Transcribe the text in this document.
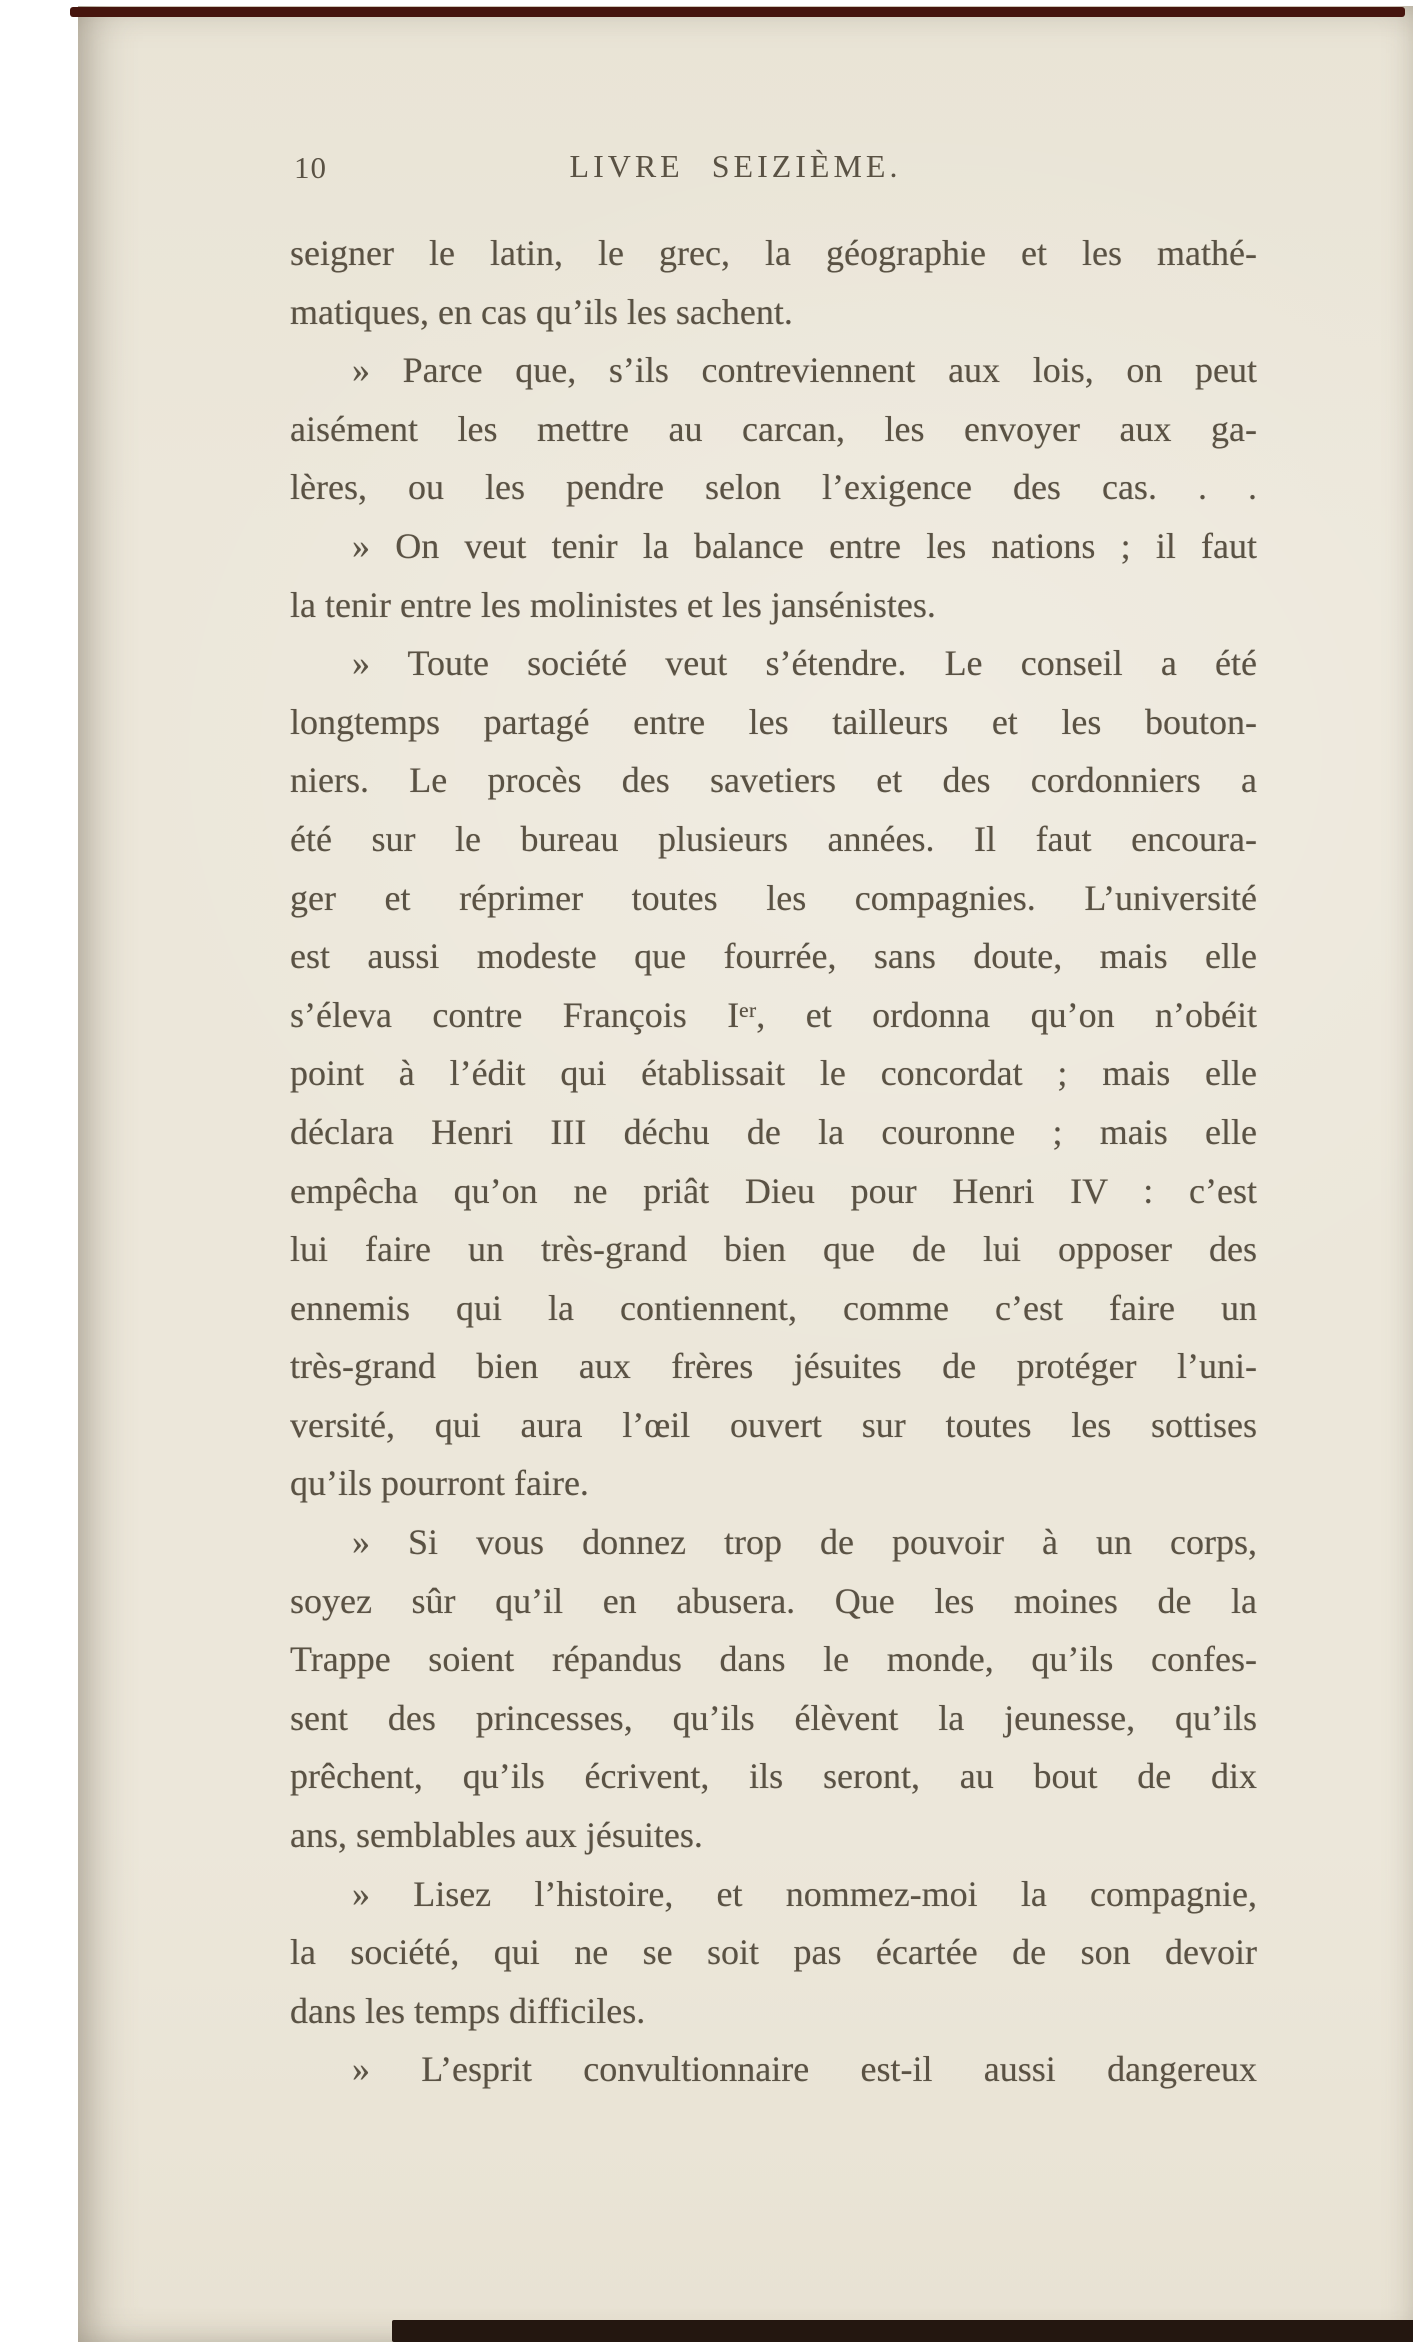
10	LIVRE SEIZIÈME.
seigner le latin, le grec, la géographie et les mathé-
matiques, en cas qu’ils les sachent.
» Parce que, s’ils contreviennent aux lois, on peut
aisément les mettre au carcan, les envoyer aux ga-
lères, ou les pendre selon l’exigence des cas. . .
» On veut tenir la balance entre les nations ; il faut
la tenir entre les molinistes et les jansénistes.
» Toute société veut s’étendre. Le conseil a été
longtemps partagé entre les tailleurs et les bouton-
niers. Le procès des savetiers et des cordonniers a
été sur le bureau plusieurs années. Il faut encoura-
ger et réprimer toutes les compagnies. L’université
est aussi modeste que fourrée, sans doute, mais elle
s’éleva contre François Iᵉʳ, et ordonna qu’on n’obéit
point à l’édit qui établissait le concordat ; mais elle
déclara Henri III déchu de la couronne ; mais elle
empêcha qu’on ne priât Dieu pour Henri IV : c’est
lui faire un très-grand bien que de lui opposer des
ennemis qui la contiennent, comme c’est faire un
très-grand bien aux frères jésuites de protéger l’uni-
versité, qui aura l’œil ouvert sur toutes les sottises
qu’ils pourront faire.
» Si vous donnez trop de pouvoir à un corps,
soyez sûr qu’il en abusera. Que les moines de la
Trappe soient répandus dans le monde, qu’ils confes-
sent des princesses, qu’ils élèvent la jeunesse, qu’ils
prêchent, qu’ils écrivent, ils seront, au bout de dix
ans, semblables aux jésuites.
» Lisez l’histoire, et nommez-moi la compagnie,
la société, qui ne se soit pas écartée de son devoir
dans les temps difficiles.
» L’esprit convultionnaire est-il aussi dangereux
